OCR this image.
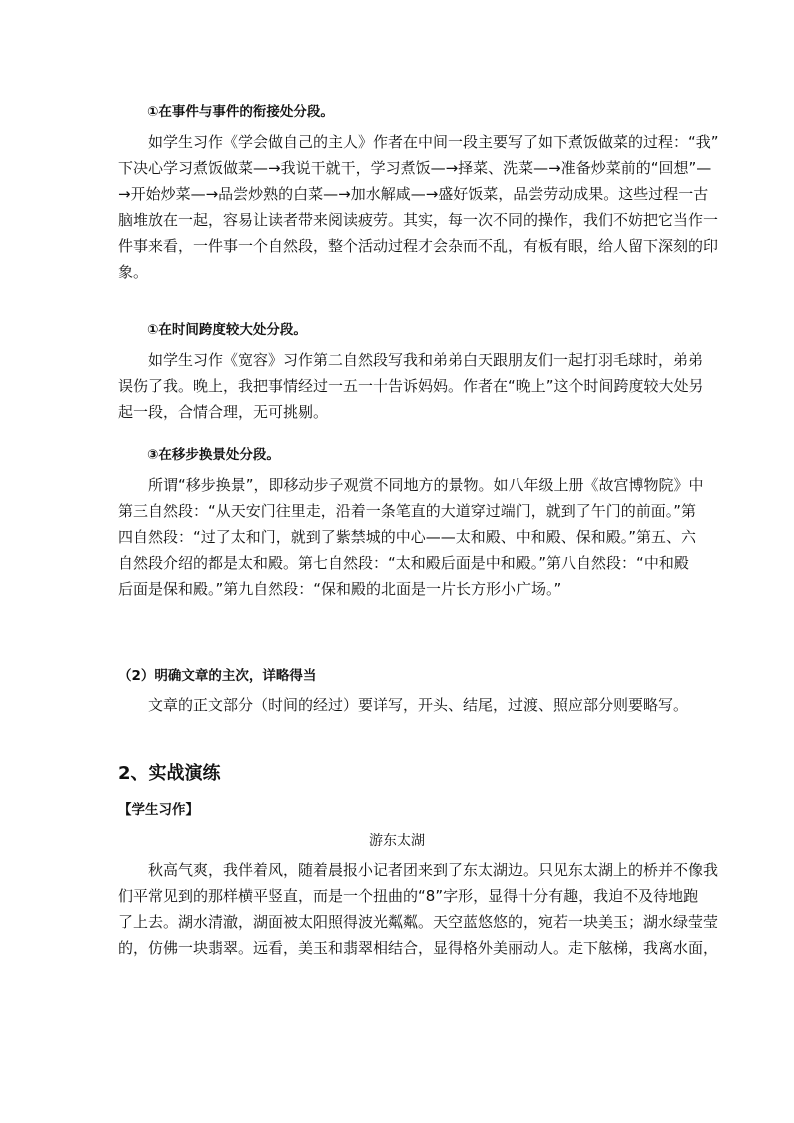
①在事件与事件的衔接处分段。
如学生习作《学会做自己的主人》作者在中间一段主要写了如下煮饭做菜的过程：“我”
下决心学习煮饭做菜—→我说干就干，学习煮饭—→择菜、洗菜—→准备炒菜前的“回想”—
→开始炒菜—→品尝炒熟的白菜—→加水解咸—→盛好饭菜，品尝劳动成果。这些过程一古
脑堆放在一起，容易让读者带来阅读疲劳。其实，每一次不同的操作，我们不妨把它当作一
件事来看，一件事一个自然段，整个活动过程才会杂而不乱，有板有眼，给人留下深刻的印
象。
①在时间跨度较大处分段。
如学生习作《宽容》习作第二自然段写我和弟弟白天跟朋友们一起打羽毛球时，弟弟
误伤了我。晚上，我把事情经过一五一十告诉妈妈。作者在“晚上”这个时间跨度较大处另
起一段，合情合理，无可挑剔。
③在移步换景处分段。
所谓“移步换景”，即移动步子观赏不同地方的景物。如八年级上册《故宫博物院》中
第三自然段：“从天安门往里走，沿着一条笔直的大道穿过端门，就到了午门的前面。”第
四自然段：“过了太和门，就到了紫禁城的中心——太和殿、中和殿、保和殿。”第五、六
自然段介绍的都是太和殿。第七自然段：“太和殿后面是中和殿。”第八自然段：“中和殿
后面是保和殿。”第九自然段：“保和殿的北面是一片长方形小广场。”
（2）明确文章的主次，详略得当
文章的正文部分（时间的经过）要详写，开头、结尾，过渡、照应部分则要略写。
2、实战演练
【学生习作】
游东太湖
秋高气爽，我伴着风，随着晨报小记者团来到了东太湖边。只见东太湖上的桥并不像我
们平常见到的那样横平竖直，而是一个扭曲的“8”字形，显得十分有趣，我迫不及待地跑
了上去。湖水清澈，湖面被太阳照得波光粼粼。天空蓝悠悠的，宛若一块美玉；湖水绿莹莹
的，仿佛一块翡翠。远看，美玉和翡翠相结合，显得格外美丽动人。走下舷梯，我离水面，
